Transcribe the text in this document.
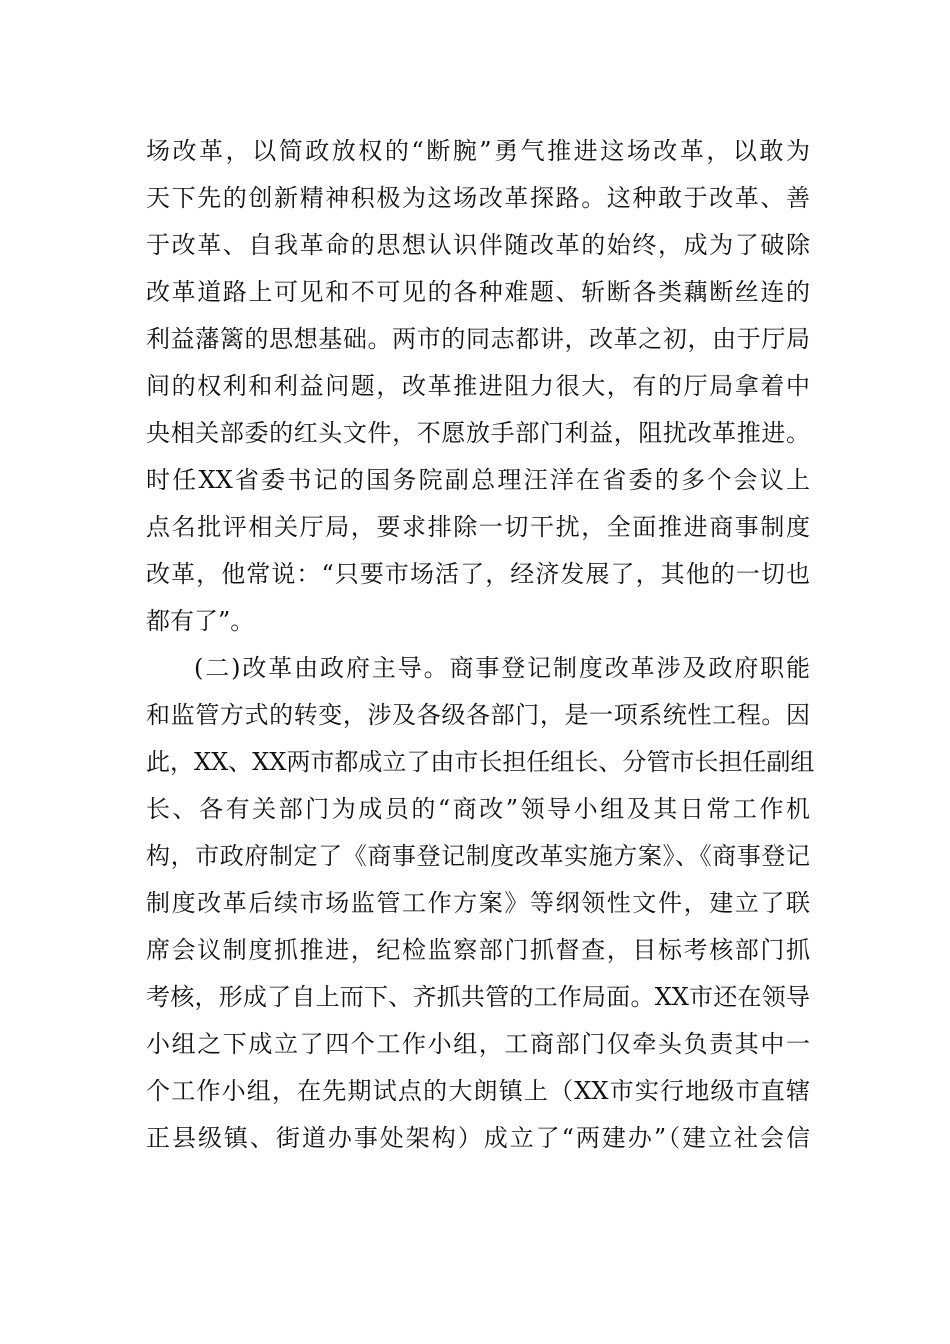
场改革，以简政放权的“断腕”勇气推进这场改革，以敢为
天下先的创新精神积极为这场改革探路。这种敢于改革、善
于改革、自我革命的思想认识伴随改革的始终，成为了破除
改革道路上可见和不可见的各种难题、斩断各类藕断丝连的
利益藩篱的思想基础。两市的同志都讲，改革之初，由于厅局
间的权利和利益问题，改革推进阻力很大，有的厅局拿着中
央相关部委的红头文件，不愿放手部门利益，阻扰改革推进。
时任XX省委书记的国务院副总理汪洋在省委的多个会议上
点名批评相关厅局，要求排除一切干扰，全面推进商事制度
改革，他常说：“只要市场活了，经济发展了，其他的一切也
都有了”。
(二)改革由政府主导。商事登记制度改革涉及政府职能
和监管方式的转变，涉及各级各部门，是一项系统性工程。因
此，XX、XX两市都成立了由市长担任组长、分管市长担任副组
长、各有关部门为成员的“商改”领导小组及其日常工作机
构，市政府制定了《商事登记制度改革实施方案》、《商事登记
制度改革后续市场监管工作方案》等纲领性文件，建立了联
席会议制度抓推进，纪检监察部门抓督查，目标考核部门抓
考核，形成了自上而下、齐抓共管的工作局面。XX市还在领导
小组之下成立了四个工作小组，工商部门仅牵头负责其中一
个工作小组，在先期试点的大朗镇上（XX市实行地级市直辖
正县级镇、街道办事处架构）成立了“两建办”（建立社会信
